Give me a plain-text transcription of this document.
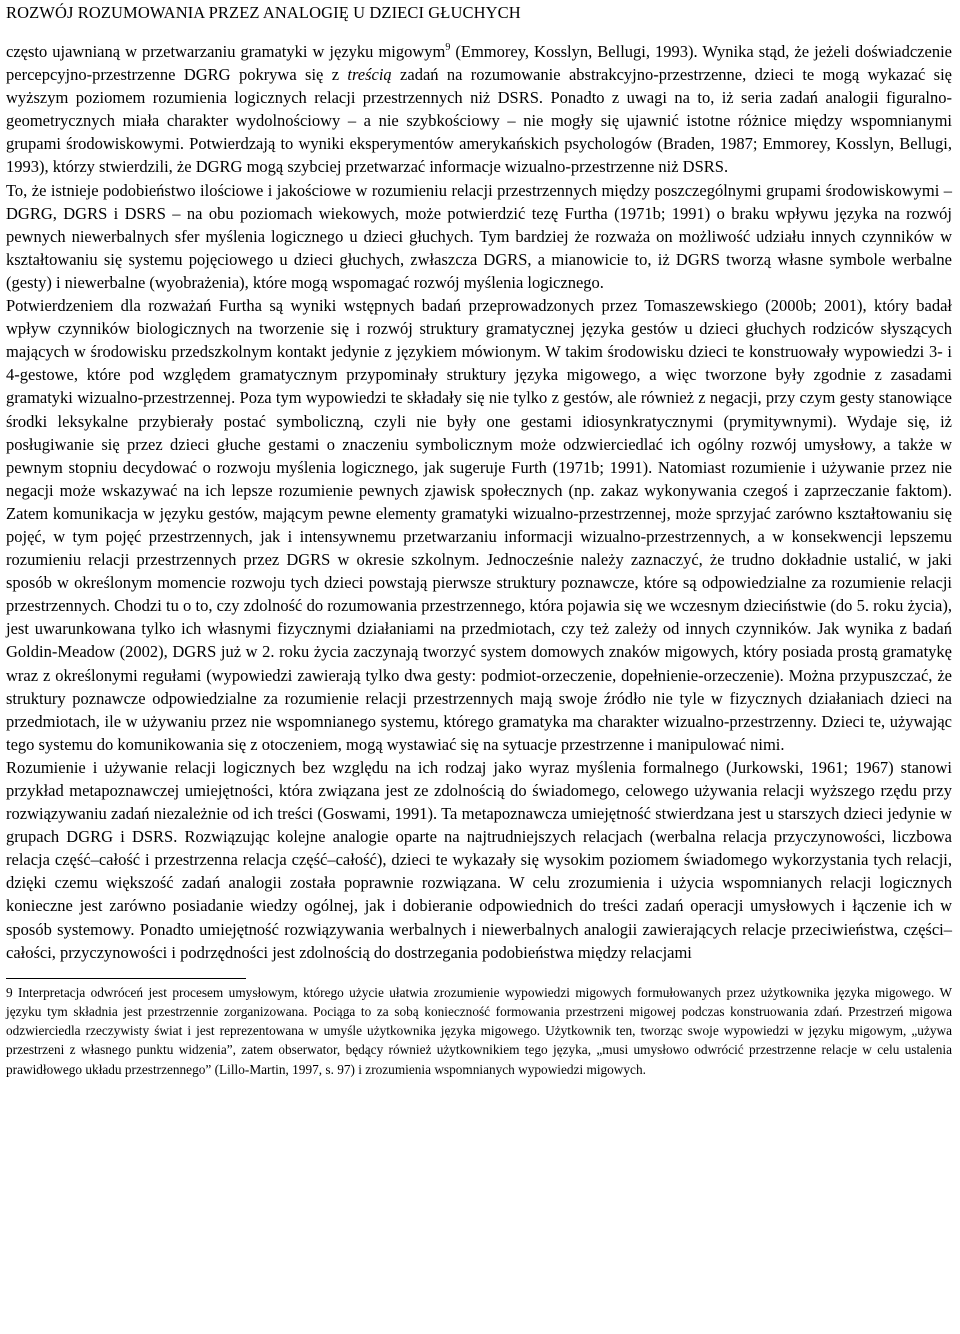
ROZWÓJ ROZUMOWANIA PRZEZ ANALOGIĘ U DZIECI GŁUCHYCH

często ujawnianą w przetwarzaniu gramatyki w języku migowym$^9$ (Emmorey, Kosslyn, Bellugi, 1993). Wynika stąd, że jeżeli doświadczenie percepcyjno-przestrzenne DGRG pokrywa się z treścią zadań na rozumowanie abstrakcyjno-przestrzenne, dzieci te mogą wykazać się wyższym poziomem rozumienia logicznych relacji przestrzennych niż DSRS. Ponadto z uwagi na to, iż seria zadań analogii figuralno-geometrycznych miała charakter wydolnościowy – a nie szybkościowy – nie mogły się ujawnić istotne różnice między wspomnianymi grupami środowiskowymi. Potwierdzają to wyniki eksperymentów amerykańskich psychologów (Braden, 1987; Emmorey, Kosslyn, Bellugi, 1993), którzy stwierdzili, że DGRG mogą szybciej przetwarzać informacje wizualno-przestrzenne niż DSRS.

To, że istnieje podobieństwo ilościowe i jakościowe w rozumieniu relacji przestrzennych między poszczególnymi grupami środowiskowymi – DGRG, DGRS i DSRS – na obu poziomach wiekowych, może potwierdzić tezę Furtha (1971b; 1991) o braku wpływu języka na rozwój pewnych niewerbalnych sfer myślenia logicznego u dzieci głuchych. Tym bardziej że rozważa on możliwość udziału innych czynników w kształtowaniu się systemu pojęciowego u dzieci głuchych, zwłaszcza DGRS, a mianowicie to, iż DGRS tworzą własne symbole werbalne (gesty) i niewerbalne (wyobrażenia), które mogą wspomagać rozwój myślenia logicznego.

Potwierdzeniem dla rozważań Furtha są wyniki wstępnych badań przeprowadzonych przez Tomaszewskiego (2000b; 2001), który badał wpływ czynników biologicznych na tworzenie się i rozwój struktury gramatycznej języka gestów u dzieci głuchych rodziców słyszących mających w środowisku przedszkolnym kontakt jedynie z językiem mówionym. W takim środowisku dzieci te konstruowały wypowiedzi 3- i 4-gestowe, które pod względem gramatycznym przypominały struktury języka migowego, a więc tworzone były zgodnie z zasadami gramatyki wizualno-przestrzennej. Poza tym wypowiedzi te składały się nie tylko z gestów, ale również z negacji, przy czym gesty stanowiące środki leksykalne przybierały postać symboliczną, czyli nie były one gestami idiosynkratycznymi (prymitywnymi). Wydaje się, iż posługiwanie się przez dzieci głuche gestami o znaczeniu symbolicznym może odzwierciedlać ich ogólny rozwój umysłowy, a także w pewnym stopniu decydować o rozwoju myślenia logicznego, jak sugeruje Furth (1971b; 1991). Natomiast rozumienie i używanie przez nie negacji może wskazywać na ich lepsze rozumienie pewnych zjawisk społecznych (np. zakaz wykonywania czegoś i zaprzeczanie faktom). Zatem komunikacja w języku gestów, mającym pewne elementy gramatyki wizualno-przestrzennej, może sprzyjać zarówno kształtowaniu się pojęć, w tym pojęć przestrzennych, jak i intensywnemu przetwarzaniu informacji wizualno-przestrzennych, a w konsekwencji lepszemu rozumieniu relacji przestrzennych przez DGRS w okresie szkolnym. Jednocześnie należy zaznaczyć, że trudno dokładnie ustalić, w jaki sposób w określonym momencie rozwoju tych dzieci powstają pierwsze struktury poznawcze, które są odpowiedzialne za rozumienie relacji przestrzennych. Chodzi tu o to, czy zdolność do rozumowania przestrzennego, która pojawia się we wczesnym dzieciństwie (do 5. roku życia), jest uwarunkowana tylko ich własnymi fizycznymi działaniami na przedmiotach, czy też zależy od innych czynników. Jak wynika z badań Goldin-Meadow (2002), DGRS już w 2. roku życia zaczynają tworzyć system domowych znaków migowych, który posiada prostą gramatykę wraz z określonymi regułami (wypowiedzi zawierają tylko dwa gesty: podmiot-orzeczenie, dopełnienie-orzeczenie). Można przypuszczać, że struktury poznawcze odpowiedzialne za rozumienie relacji przestrzennych mają swoje źródło nie tyle w fizycznych działaniach dzieci na przedmiotach, ile w używaniu przez nie wspomnianego systemu, którego gramatyka ma charakter wizualno-przestrzenny. Dzieci te, używając tego systemu do komunikowania się z otoczeniem, mogą wystawiać się na sytuacje przestrzenne i manipulować nimi.

Rozumienie i używanie relacji logicznych bez względu na ich rodzaj jako wyraz myślenia formalnego (Jurkowski, 1961; 1967) stanowi przykład metapoznawczej umiejętności, która związana jest ze zdolnością do świadomego, celowego używania relacji wyższego rzędu przy rozwiązywaniu zadań niezależnie od ich treści (Goswami, 1991). Ta metapoznawcza umiejętność stwierdzana jest u starszych dzieci jedynie w grupach DGRG i DSRS. Rozwiązując kolejne analogie oparte na najtrudniejszych relacjach (werbalna relacja przyczynowości, liczbowa relacja część–całość i przestrzenna relacja część–całość), dzieci te wykazały się wysokim poziomem świadomego wykorzystania tych relacji, dzięki czemu większość zadań analogii została poprawnie rozwiązana. W celu zrozumienia i użycia wspomnianych relacji logicznych konieczne jest zarówno posiadanie wiedzy ogólnej, jak i dobieranie odpowiednich do treści zadań operacji umysłowych i łączenie ich w sposób systemowy. Ponadto umiejętność rozwiązywania werbalnych i niewerbalnych analogii zawierających relacje przeciwieństwa, części–całości, przyczynowości i podrzędności jest zdolnością do dostrzegania podobieństwa między relacjami

9 Interpretacja odwróceń jest procesem umysłowym, którego użycie ułatwia zrozumienie wypowiedzi migowych formułowanych przez użytkownika języka migowego. W języku tym składnia jest przestrzennie zorganizowana. Pociąga to za sobą konieczność formowania przestrzeni migowej podczas konstruowania zdań. Przestrzeń migowa odzwierciedla rzeczywisty świat i jest reprezentowana w umyśle użytkownika języka migowego. Użytkownik ten, tworząc swoje wypowiedzi w języku migowym, „używa przestrzeni z własnego punktu widzenia”, zatem obserwator, będący również użytkownikiem tego języka, „musi umysłowo odwrócić przestrzenne relacje w celu ustalenia prawidłowego układu przestrzennego” (Lillo-Martin, 1997, s. 97) i zrozumienia wspomnianych wypowiedzi migowych.
